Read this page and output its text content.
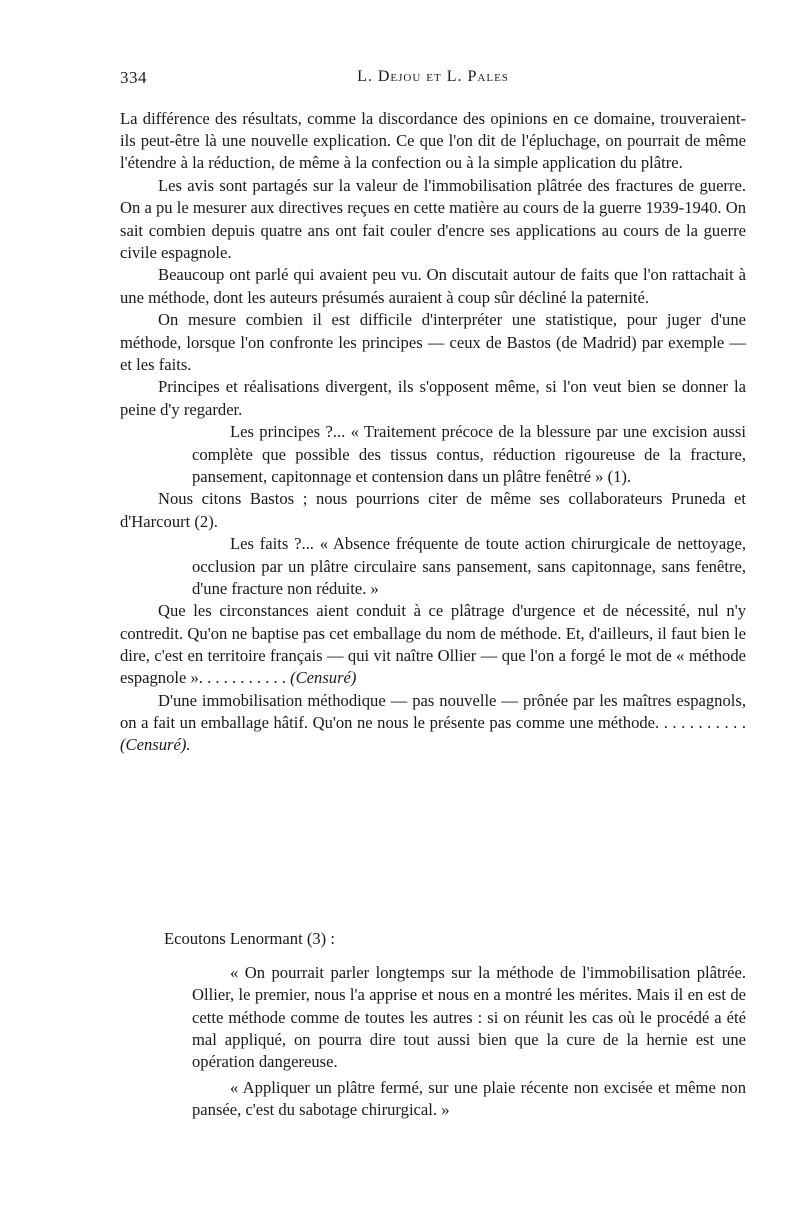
334	L. Dejou et L. Pales

La différence des résultats, comme la discordance des opinions en ce domaine, trouveraient-ils peut-être là une nouvelle explication. Ce que l'on dit de l'épluchage, on pourrait de même l'étendre à la réduction, de même à la confection ou à la simple application du plâtre.

Les avis sont partagés sur la valeur de l'immobilisation plâtrée des fractures de guerre. On a pu le mesurer aux directives reçues en cette matière au cours de la guerre 1939-1940. On sait combien depuis quatre ans ont fait couler d'encre ses applications au cours de la guerre civile espagnole.

Beaucoup ont parlé qui avaient peu vu. On discutait autour de faits que l'on rattachait à une méthode, dont les auteurs présumés auraient à coup sûr décliné la paternité.

On mesure combien il est difficile d'interpréter une statistique, pour juger d'une méthode, lorsque l'on confronte les principes — ceux de Bastos (de Madrid) par exemple — et les faits.

Principes et réalisations divergent, ils s'opposent même, si l'on veut bien se donner la peine d'y regarder.

Les principes ?... « Traitement précoce de la blessure par une excision aussi complète que possible des tissus contus, réduction rigoureuse de la fracture, pansement, capitonnage et contension dans un plâtre fenêtré » (1).

Nous citons Bastos ; nous pourrions citer de même ses collaborateurs Pruneda et d'Harcourt (2).

Les faits ?... « Absence fréquente de toute action chirurgicale de nettoyage, occlusion par un plâtre circulaire sans pansement, sans capitonnage, sans fenêtre, d'une fracture non réduite. »

Que les circonstances aient conduit à ce plâtrage d'urgence et de nécessité, nul n'y contredit. Qu'on ne baptise pas cet emballage du nom de méthode. Et, d'ailleurs, il faut bien le dire, c'est en territoire français — qui vit naître Ollier — que l'on a forgé le mot de « méthode espagnole ». . . . . . . . . . . (Censuré)

D'une immobilisation méthodique — pas nouvelle — prônée par les maîtres espagnols, on a fait un emballage hâtif. Qu'on ne nous le présente pas comme une méthode. . . . . . . . . . . (Censuré).

Ecoutons Lenormant (3) :

« On pourrait parler longtemps sur la méthode de l'immobilisation plâtrée. Ollier, le premier, nous l'a apprise et nous en a montré les mérites. Mais il en est de cette méthode comme de toutes les autres : si on réunit les cas où le procédé a été mal appliqué, on pourra dire tout aussi bien que la cure de la hernie est une opération dangereuse.

« Appliquer un plâtre fermé, sur une plaie récente non excisée et même non pansée, c'est du sabotage chirurgical. »
